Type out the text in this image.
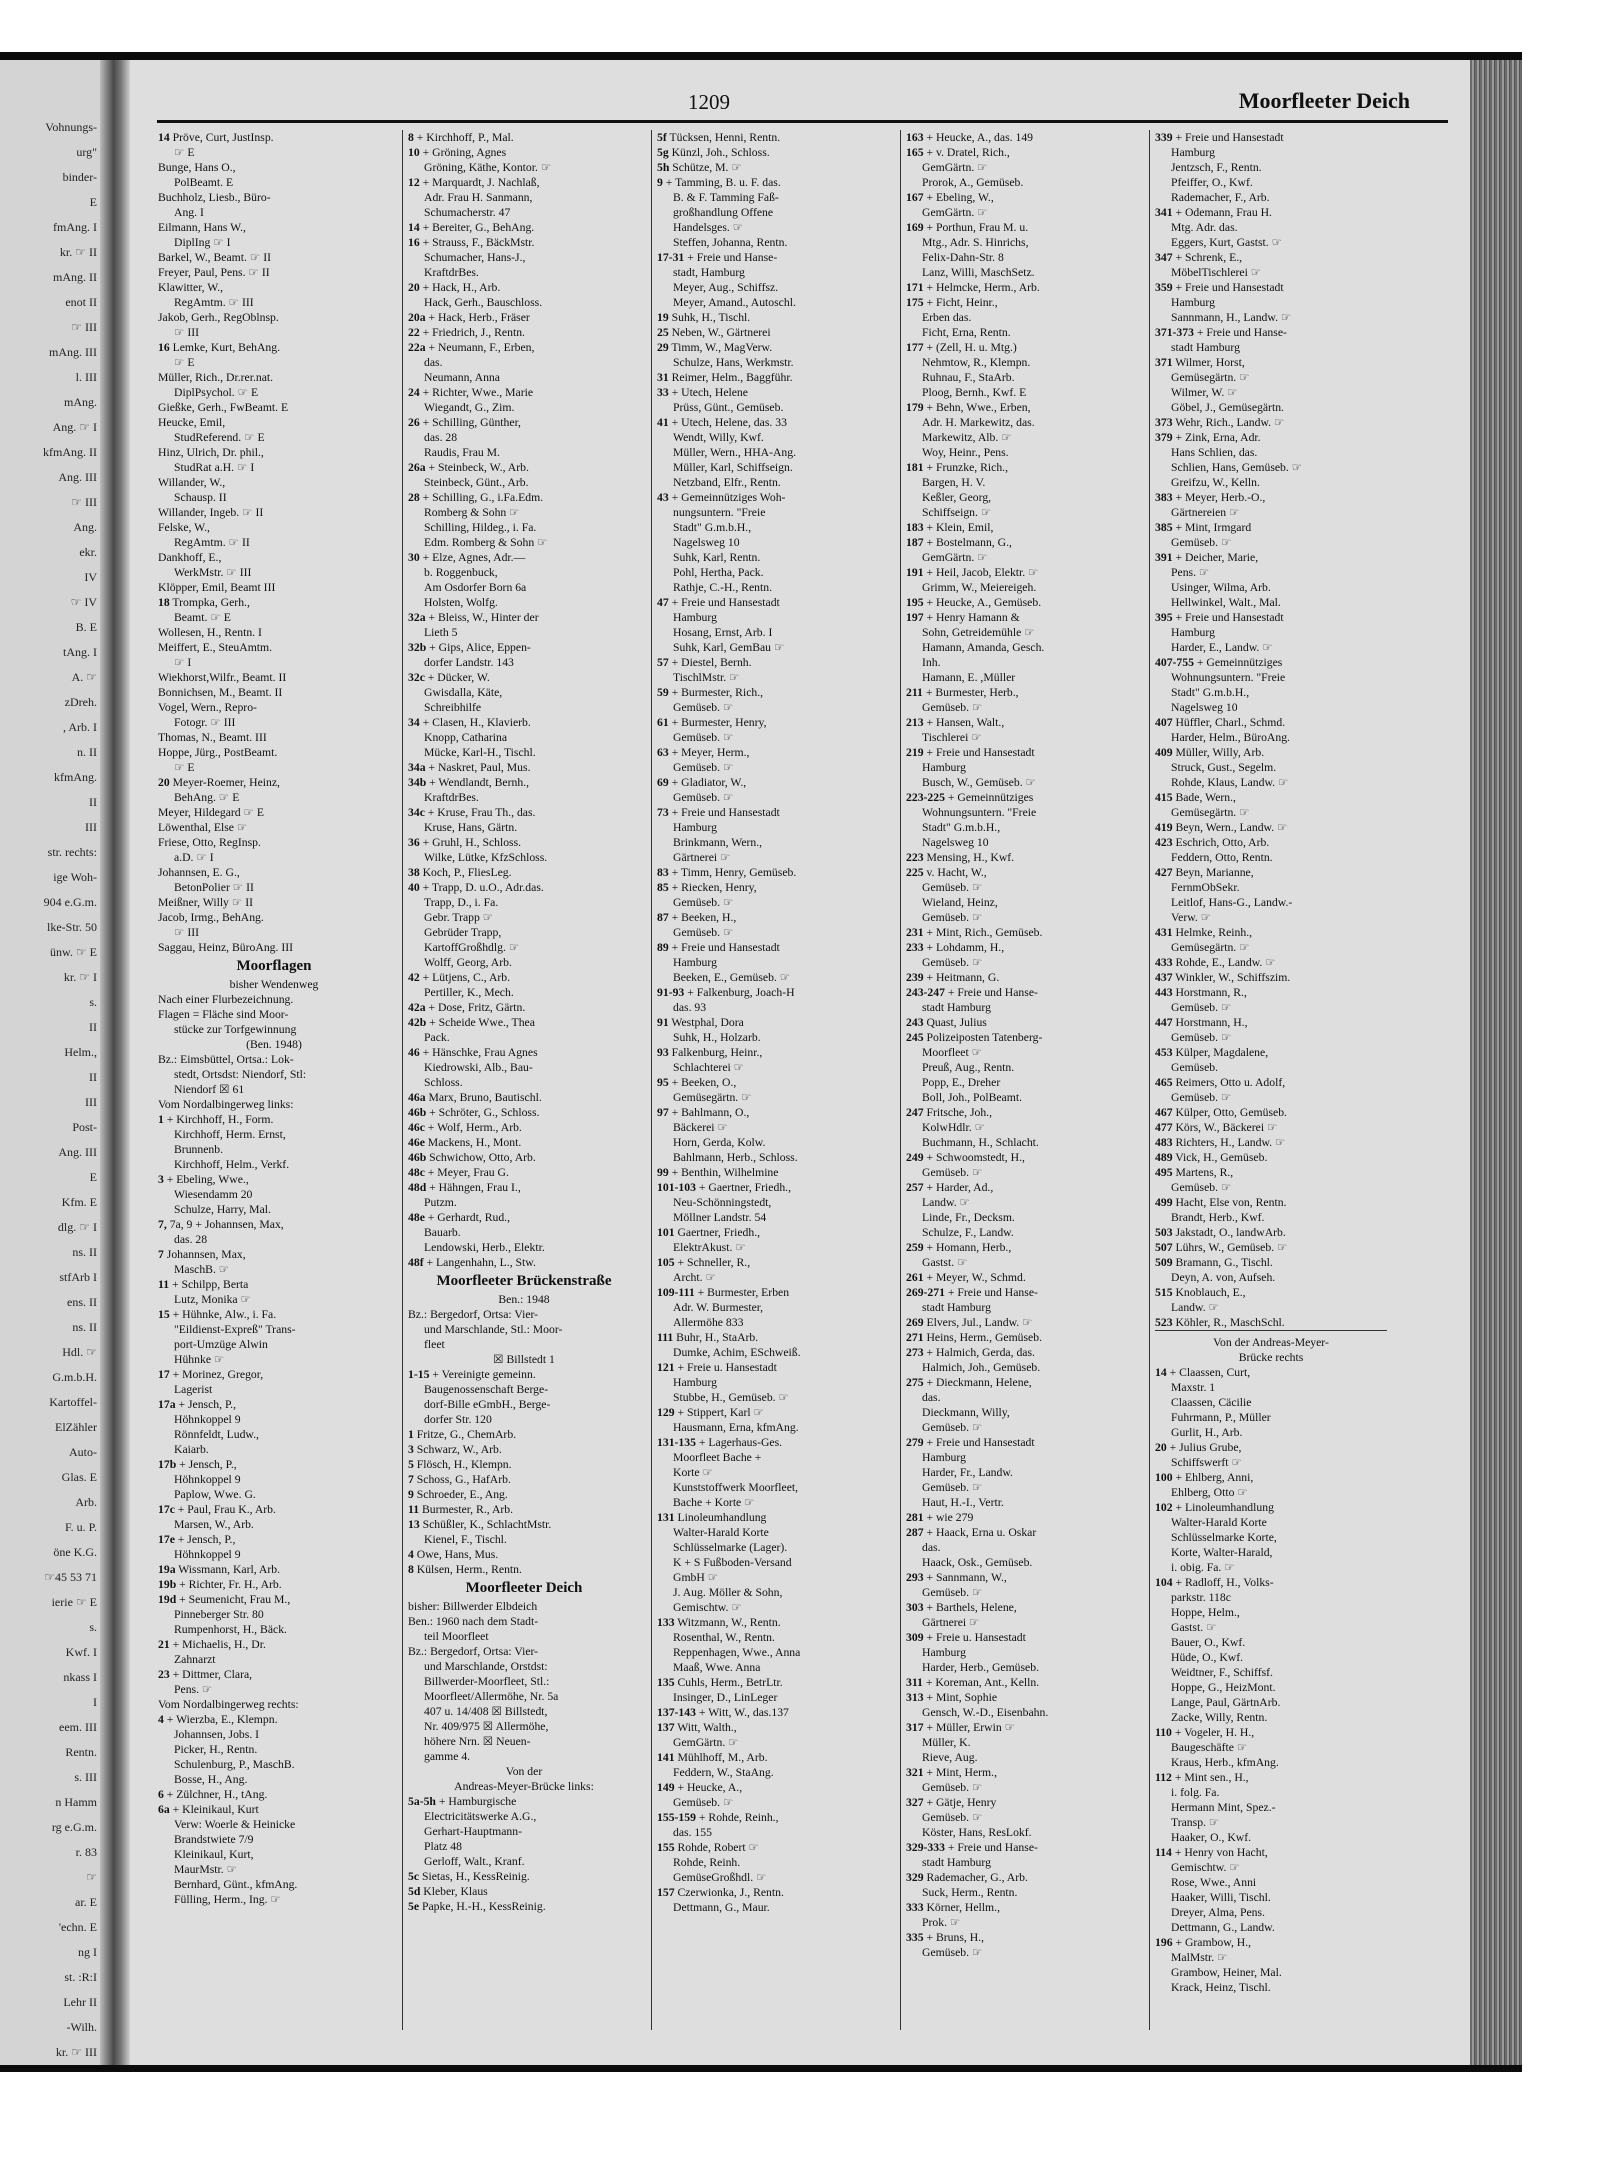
Vohnungs-
urg"
binder-
E
fmAng. I
kr. ☞ II
mAng. II
enot II
☞ III
mAng. III
l. III
mAng.
Ang. ☞ I
kfmAng. II
Ang. III
☞ III
Ang.
ekr.
IV
☞ IV
B. E
tAng. I
A. ☞
zDreh.
, Arb. I
n. II
kfmAng.
II
III
str. rechts:
ige Woh-
904 e.G.m.
lke-Str. 50
ünw. ☞ E
kr. ☞ I
s.
II
Helm.,
II
III
Post-
Ang. III
E
Kfm. E
dlg. ☞ I
ns. II
stfArb I
ens. II
ns. II
Hdl. ☞
G.m.b.H.
Kartoffel-
ElZähler
Auto-
Glas. E
Arb.
F. u. P.
öne K.G.
☞45 53 71
ierie ☞ E
s.
Kwf. I
nkass I
I
eem. III
Rentn.
s. III
n Hamm
rg e.G.m.
r. 83
☞
ar. E
'echn. E
ng I
st. :R:I
Lehr II
-Wilh.
kr. ☞ III
1209	Moorfleeter Deich
14 Pröve, Curt, JustInsp.
☞ E
Bunge, Hans O.,
PolBeamt. E
Buchholz, Liesb., Büro-
Ang. I
Eilmann, Hans W.,
DiplIng ☞ I
Barkel, W., Beamt. ☞ II
Freyer, Paul, Pens. ☞ II
Klawitter, W.,
RegAmtm. ☞ III
Jakob, Gerh., RegOblnsp.
☞ III
16 Lemke, Kurt, BehAng.
☞ E
Müller, Rich., Dr.rer.nat.
DiplPsychol. ☞ E
Gießke, Gerh., FwBeamt. E
Heucke, Emil,
StudReferend. ☞ E
Hinz, Ulrich, Dr. phil.,
StudRat a.H. ☞ I
Willander, W.,
Schausp. II
Willander, Ingeb. ☞ II
Felske, W.,
RegAmtm. ☞ II
Dankhoff, E.,
WerkMstr. ☞ III
Klöpper, Emil, Beamt III
18 Trompka, Gerh.,
Beamt. ☞ E
Wollesen, H., Rentn. I
Meiffert, E., SteuAmtm.
☞ I
Wiekhorst,Wilfr., Beamt. II
Bonnichsen, M., Beamt. II
Vogel, Wern., Repro-
Fotogr. ☞ III
Thomas, N., Beamt. III
Hoppe, Jürg., PostBeamt.
☞ E
20 Meyer-Roemer, Heinz,
BehAng. ☞ E
Meyer, Hildegard ☞ E
Löwenthal, Else ☞
Friese, Otto, RegInsp.
a.D. ☞ I
Johannsen, E. G.,
BetonPolier ☞ II
Meißner, Willy ☞ II
Jacob, Irmg., BehAng.
☞ III
Saggau, Heinz, BüroAng. III
Moorflagen
bisher Wendenweg
Nach einer Flurbezeichnung.
Flagen = Fläche sind Moor-
stücke zur Torfgewinnung
(Ben. 1948)
Bz.: Eimsbüttel, Ortsa.: Lok-
stedt, Ortsdst: Niendorf, Stl:
Niendorf ☒ 61
Vom Nordalbingerweg links:
1 + Kirchhoff, H., Form.
Kirchhoff, Herm. Ernst,
Brunnenb.
Kirchhoff, Helm., Verkf.
3 + Ebeling, Wwe.,
Wiesendamm 20
Schulze, Harry, Mal.
7, 7a, 9 + Johannsen, Max,
das. 28
7 Johannsen, Max,
MaschB. ☞
11 + Schilpp, Berta
Lutz, Monika ☞
15 + Hühnke, Alw., i. Fa.
"Eildienst-Expreß" Trans-
port-Umzüge Alwin
Hühnke ☞
17 + Morinez, Gregor,
Lagerist
17a + Jensch, P.,
Höhnkoppel 9
Rönnfeldt, Ludw.,
Kaiarb.
17b + Jensch, P.,
Höhnkoppel 9
Paplow, Wwe. G.
17c + Paul, Frau K., Arb.
Marsen, W., Arb.
17e + Jensch, P.,
Höhnkoppel 9
19a Wissmann, Karl, Arb.
19b + Richter, Fr. H., Arb.
19d + Seumenicht, Frau M.,
Pinneberger Str. 80
Rumpenhorst, H., Bäck.
21 + Michaelis, H., Dr.
Zahnarzt
23 + Dittmer, Clara,
Pens. ☞
Vom Nordalbingerweg rechts:
4 + Wierzba, E., Klempn.
Johannsen, Jobs. I
Picker, H., Rentn.
Schulenburg, P., MaschB.
Bosse, H., Ang.
6 + Zülchner, H., tAng.
6a + Kleinikaul, Kurt
Verw: Woerle & Heinicke
Brandstwiete 7/9
Kleinikaul, Kurt,
MaurMstr. ☞
Bernhard, Günt., kfmAng.
Fülling, Herm., Ing. ☞
8 + Kirchhoff, P., Mal.
10 + Gröning, Agnes
Gröning, Käthe, Kontor. ☞
12 + Marquardt, J. Nachlaß,
Adr. Frau H. Sanmann,
Schumacherstr. 47
14 + Bereiter, G., BehAng.
16 + Strauss, F., BäckMstr.
Schumacher, Hans-J.,
KraftdrBes.
20 + Hack, H., Arb.
Hack, Gerh., Bauschloss.
20a + Hack, Herb., Fräser
22 + Friedrich, J., Rentn.
22a + Neumann, F., Erben,
das.
Neumann, Anna
24 + Richter, Wwe., Marie
Wiegandt, G., Zim.
26 + Schilling, Günther,
das. 28
Raudis, Frau M.
26a + Steinbeck, W., Arb.
Steinbeck, Günt., Arb.
28 + Schilling, G., i.Fa.Edm.
Romberg & Sohn ☞
Schilling, Hildeg., i. Fa.
Edm. Romberg & Sohn ☞
30 + Elze, Agnes, Adr.—
b. Roggenbuck,
Am Osdorfer Born 6a
Holsten, Wolfg.
32a + Bleiss, W., Hinter der
Lieth 5
32b + Gips, Alice, Eppen-
dorfer Landstr. 143
32c + Dücker, W.
Gwisdalla, Käte,
Schreibhilfe
34 + Clasen, H., Klavierb.
Knopp, Catharina
Mücke, Karl-H., Tischl.
34a + Naskret, Paul, Mus.
34b + Wendlandt, Bernh.,
KraftdrBes.
34c + Kruse, Frau Th., das.
Kruse, Hans, Gärtn.
36 + Gruhl, H., Schloss.
Wilke, Lütke, KfzSchloss.
38 Koch, P., FliesLeg.
40 + Trapp, D. u.O., Adr.das.
Trapp, D., i. Fa.
Gebr. Trapp ☞
Gebrüder Trapp,
KartoffGroßhdlg. ☞
Wolff, Georg, Arb.
42 + Lütjens, C., Arb.
Pertiller, K., Mech.
42a + Dose, Fritz, Gärtn.
42b + Scheide Wwe., Thea
Pack.
46 + Hänschke, Frau Agnes
Kiedrowski, Alb., Bau-
Schloss.
46a Marx, Bruno, Bautischl.
46b + Schröter, G., Schloss.
46c + Wolf, Herm., Arb.
46e Mackens, H., Mont.
46b Schwichow, Otto, Arb.
48c + Meyer, Frau G.
48d + Hähngen, Frau I.,
Putzm.
48e + Gerhardt, Rud.,
Bauarb.
Lendowski, Herb., Elektr.
48f + Langenhahn, L., Stw.
Moorfleeter Brückenstraße
Ben.: 1948
Bz.: Bergedorf, Ortsa: Vier-
und Marschlande, Stl.: Moor-
fleet
☒ Billstedt 1
1-15 + Vereinigte gemeinn.
Baugenossenschaft Berge-
dorf-Bille eGmbH., Berge-
dorfer Str. 120
1 Fritze, G., ChemArb.
3 Schwarz, W., Arb.
5 Flösch, H., Klempn.
7 Schoss, G., HafArb.
9 Schroeder, E., Ang.
11 Burmester, R., Arb.
13 Schüßler, K., SchlachtMstr.
Kienel, F., Tischl.
4 Owe, Hans, Mus.
8 Külsen, Herm., Rentn.
Moorfleeter Deich
bisher: Billwerder Elbdeich
Ben.: 1960 nach dem Stadt-
teil Moorfleet
Bz.: Bergedorf, Ortsa: Vier-
und Marschlande, Orstdst:
Billwerder-Moorfleet, Stl.:
Moorfleet/Allermöhe, Nr. 5a
407 u. 14/408 ☒ Billstedt,
Nr. 409/975 ☒ Allermöhe,
höhere Nrn. ☒ Neuen-
gamme 4.
Von der
Andreas-Meyer-Brücke links:
5a-5h + Hamburgische
Electricitätswerke A.G.,
Gerhart-Hauptmann-
Platz 48
Gerloff, Walt., Kranf.
5c Sietas, H., KessReinig.
5d Kleber, Klaus
5e Papke, H.-H., KessReinig.
5f Tücksen, Henni, Rentn.
5g Künzl, Joh., Schloss.
5h Schütze, M. ☞
9 + Tamming, B. u. F. das.
B. & F. Tamming Faß-
großhandlung Offene
Handelsges. ☞
Steffen, Johanna, Rentn.
17-31 + Freie und Hanse-
stadt, Hamburg
Meyer, Aug., Schiffsz.
Meyer, Amand., Autoschl.
19 Suhk, H., Tischl.
25 Neben, W., Gärtnerei
29 Timm, W., MagVerw.
Schulze, Hans, Werkmstr.
31 Reimer, Helm., Baggführ.
33 + Utech, Helene
Prüss, Günt., Gemüseb.
41 + Utech, Helene, das. 33
Wendt, Willy, Kwf.
Müller, Wern., HHA-Ang.
Müller, Karl, Schiffseign.
Netzband, Elfr., Rentn.
43 + Gemeinnütziges Woh-
nungsuntern. "Freie
Stadt" G.m.b.H.,
Nagelsweg 10
Suhk, Karl, Rentn.
Pohl, Hertha, Pack.
Rathje, C.-H., Rentn.
47 + Freie und Hansestadt
Hamburg
Hosang, Ernst, Arb. I
Suhk, Karl, GemBau ☞
57 + Diestel, Bernh.
TischlMstr. ☞
59 + Burmester, Rich.,
Gemüseb. ☞
61 + Burmester, Henry,
Gemüseb. ☞
63 + Meyer, Herm.,
Gemüseb. ☞
69 + Gladiator, W.,
Gemüseb. ☞
73 + Freie und Hansestadt
Hamburg
Brinkmann, Wern.,
Gärtnerei ☞
83 + Timm, Henry, Gemüseb.
85 + Riecken, Henry,
Gemüseb. ☞
87 + Beeken, H.,
Gemüseb. ☞
89 + Freie und Hansestadt
Hamburg
Beeken, E., Gemüseb. ☞
91-93 + Falkenburg, Joach-H
das. 93
91 Westphal, Dora
Suhk, H., Holzarb.
93 Falkenburg, Heinr.,
Schlachterei ☞
95 + Beeken, O.,
Gemüsegärtn. ☞
97 + Bahlmann, O.,
Bäckerei ☞
Horn, Gerda, Kolw.
Bahlmann, Herb., Schloss.
99 + Benthin, Wilhelmine
101-103 + Gaertner, Friedh.,
Neu-Schönningstedt,
Möllner Landstr. 54
101 Gaertner, Friedh.,
ElektrAkust. ☞
105 + Schneller, R.,
Archt. ☞
109-111 + Burmester, Erben
Adr. W. Burmester,
Allermöhe 833
111 Buhr, H., StaArb.
Dumke, Achim, ESchweiß.
121 + Freie u. Hansestadt
Hamburg
Stubbe, H., Gemüseb. ☞
129 + Stippert, Karl ☞
Hausmann, Erna, kfmAng.
131-135 + Lagerhaus-Ges.
Moorfleet Bache +
Korte ☞
Kunststoffwerk Moorfleet,
Bache + Korte ☞
131 Linoleumhandlung
Walter-Harald Korte
Schlüsselmarke (Lager).
K + S Fußboden-Versand
GmbH ☞
J. Aug. Möller & Sohn,
Gemischtw. ☞
133 Witzmann, W., Rentn.
Rosenthal, W., Rentn.
Reppenhagen, Wwe., Anna
Maaß, Wwe. Anna
135 Cuhls, Herm., BetrLtr.
Insinger, D., LinLeger
137-143 + Witt, W., das.137
137 Witt, Walth.,
GemGärtn. ☞
141 Mühlhoff, M., Arb.
Feddern, W., StaAng.
149 + Heucke, A.,
Gemüseb. ☞
155-159 + Rohde, Reinh.,
das. 155
155 Rohde, Robert ☞
Rohde, Reinh.
GemüseGroßhdl. ☞
157 Czerwionka, J., Rentn.
Dettmann, G., Maur.
163 + Heucke, A., das. 149
165 + v. Dratel, Rich.,
GemGärtn. ☞
Prorok, A., Gemüseb.
167 + Ebeling, W.,
GemGärtn. ☞
169 + Porthun, Frau M. u.
Mtg., Adr. S. Hinrichs,
Felix-Dahn-Str. 8
Lanz, Willi, MaschSetz.
171 + Helmcke, Herm., Arb.
175 + Ficht, Heinr.,
Erben das.
Ficht, Erna, Rentn.
177 + (Zell, H. u. Mtg.)
Nehmtow, R., Klempn.
Ruhnau, F., StaArb.
Ploog, Bernh., Kwf. E
179 + Behn, Wwe., Erben,
Adr. H. Markewitz, das.
Markewitz, Alb. ☞
Woy, Heinr., Pens.
181 + Frunzke, Rich.,
Bargen, H. V.
Keßler, Georg,
Schiffseign. ☞
183 + Klein, Emil,
187 + Bostelmann, G.,
GemGärtn. ☞
191 + Heil, Jacob, Elektr. ☞
Grimm, W., Meiereigeh.
195 + Heucke, A., Gemüseb.
197 + Henry Hamann &
Sohn, Getreidemühle ☞
Hamann, Amanda, Gesch.
Inh.
Hamann, E. ,Müller
211 + Burmester, Herb.,
Gemüseb. ☞
213 + Hansen, Walt.,
Tischlerei ☞
219 + Freie und Hansestadt
Hamburg
Busch, W., Gemüseb. ☞
223-225 + Gemeinnütziges
Wohnungsuntern. "Freie
Stadt" G.m.b.H.,
Nagelsweg 10
223 Mensing, H., Kwf.
225 v. Hacht, W.,
Gemüseb. ☞
Wieland, Heinz,
Gemüseb. ☞
231 + Mint, Rich., Gemüseb.
233 + Lohdamm, H.,
Gemüseb. ☞
239 + Heitmann, G.
243-247 + Freie und Hanse-
stadt Hamburg
243 Quast, Julius
245 Polizeiposten Tatenberg-
Moorfleet ☞
Preuß, Aug., Rentn.
Popp, E., Dreher
Boll, Joh., PolBeamt.
247 Fritsche, Joh.,
KolwHdlr. ☞
Buchmann, H., Schlacht.
249 + Schwoomstedt, H.,
Gemüseb. ☞
257 + Harder, Ad.,
Landw. ☞
Linde, Fr., Decksm.
Schulze, F., Landw.
259 + Homann, Herb.,
Gastst. ☞
261 + Meyer, W., Schmd.
269-271 + Freie und Hanse-
stadt Hamburg
269 Elvers, Jul., Landw. ☞
271 Heins, Herm., Gemüseb.
273 + Halmich, Gerda, das.
Halmich, Joh., Gemüseb.
275 + Dieckmann, Helene,
das.
Dieckmann, Willy,
Gemüseb. ☞
279 + Freie und Hansestadt
Hamburg
Harder, Fr., Landw.
Gemüseb. ☞
Haut, H.-I., Vertr.
281 + wie 279
287 + Haack, Erna u. Oskar
das.
Haack, Osk., Gemüseb.
293 + Sannmann, W.,
Gemüseb. ☞
303 + Barthels, Helene,
Gärtnerei ☞
309 + Freie u. Hansestadt
Hamburg
Harder, Herb., Gemüseb.
311 + Koreman, Ant., Kelln.
313 + Mint, Sophie
Gensch, W.-D., Eisenbahn.
317 + Müller, Erwin ☞
Müller, K.
Rieve, Aug.
321 + Mint, Herm.,
Gemüseb. ☞
327 + Gätje, Henry
Gemüseb. ☞
Köster, Hans, ResLokf.
329-333 + Freie und Hanse-
stadt Hamburg
329 Rademacher, G., Arb.
Suck, Herm., Rentn.
333 Körner, Hellm.,
Prok. ☞
335 + Bruns, H.,
Gemüseb. ☞
339 + Freie und Hansestadt
Hamburg
Jentzsch, F., Rentn.
Pfeiffer, O., Kwf.
Rademacher, F., Arb.
341 + Odemann, Frau H.
Mtg. Adr. das.
Eggers, Kurt, Gastst. ☞
347 + Schrenk, E.,
MöbelTischlerei ☞
359 + Freie und Hansestadt
Hamburg
Sannmann, H., Landw. ☞
371-373 + Freie und Hanse-
stadt Hamburg
371 Wilmer, Horst,
Gemüsegärtn. ☞
Wilmer, W. ☞
Göbel, J., Gemüsegärtn.
373 Wehr, Rich., Landw. ☞
379 + Zink, Erna, Adr.
Hans Schlien, das.
Schlien, Hans, Gemüseb. ☞
Greifzu, W., Kelln.
383 + Meyer, Herb.-O.,
Gärtnereien ☞
385 + Mint, Irmgard
Gemüseb. ☞
391 + Deicher, Marie,
Pens. ☞
Usinger, Wilma, Arb.
Hellwinkel, Walt., Mal.
395 + Freie und Hansestadt
Hamburg
Harder, E., Landw. ☞
407-755 + Gemeinnütziges
Wohnungsuntern. "Freie
Stadt" G.m.b.H.,
Nagelsweg 10
407 Hüffler, Charl., Schmd.
Harder, Helm., BüroAng.
409 Müller, Willy, Arb.
Struck, Gust., Segelm.
Rohde, Klaus, Landw. ☞
415 Bade, Wern.,
Gemüsegärtn. ☞
419 Beyn, Wern., Landw. ☞
423 Eschrich, Otto, Arb.
Feddern, Otto, Rentn.
427 Beyn, Marianne,
FernmObSekr.
Leitlof, Hans-G., Landw.-
Verw. ☞
431 Helmke, Reinh.,
Gemüsegärtn. ☞
433 Rohde, E., Landw. ☞
437 Winkler, W., Schiffszim.
443 Horstmann, R.,
Gemüseb. ☞
447 Horstmann, H.,
Gemüseb. ☞
453 Külper, Magdalene,
Gemüseb.
465 Reimers, Otto u. Adolf,
Gemüseb. ☞
467 Külper, Otto, Gemüseb.
477 Körs, W., Bäckerei ☞
483 Richters, H., Landw. ☞
489 Vick, H., Gemüseb.
495 Martens, R.,
Gemüseb. ☞
499 Hacht, Else von, Rentn.
Brandt, Herb., Kwf.
503 Jakstadt, O., landwArb.
507 Lührs, W., Gemüseb. ☞
509 Bramann, G., Tischl.
Deyn, A. von, Aufseh.
515 Knoblauch, E.,
Landw. ☞
523 Köhler, R., MaschSchl.
Von der Andreas-Meyer-
Brücke rechts
14 + Claassen, Curt,
Maxstr. 1
Claassen, Cäcilie
Fuhrmann, P., Müller
Gurlit, H., Arb.
20 + Julius Grube,
Schiffswerft ☞
100 + Ehlberg, Anni,
Ehlberg, Otto ☞
102 + Linoleumhandlung
Walter-Harald Korte
Schlüsselmarke Korte,
Korte, Walter-Harald,
i. obig. Fa. ☞
104 + Radloff, H., Volks-
parkstr. 118c
Hoppe, Helm.,
Gastst. ☞
Bauer, O., Kwf.
Hüde, O., Kwf.
Weidtner, F., Schiffsf.
Hoppe, G., HeizMont.
Lange, Paul, GärtnArb.
Zacke, Willy, Rentn.
110 + Vogeler, H. H.,
Baugeschäfte ☞
Kraus, Herb., kfmAng.
112 + Mint sen., H.,
i. folg. Fa.
Hermann Mint, Spez.-
Transp. ☞
Haaker, O., Kwf.
114 + Henry von Hacht,
Gemischtw. ☞
Rose, Wwe., Anni
Haaker, Willi, Tischl.
Dreyer, Alma, Pens.
Dettmann, G., Landw.
196 + Grambow, H.,
MalMstr. ☞
Grambow, Heiner, Mal.
Krack, Heinz, Tischl.
